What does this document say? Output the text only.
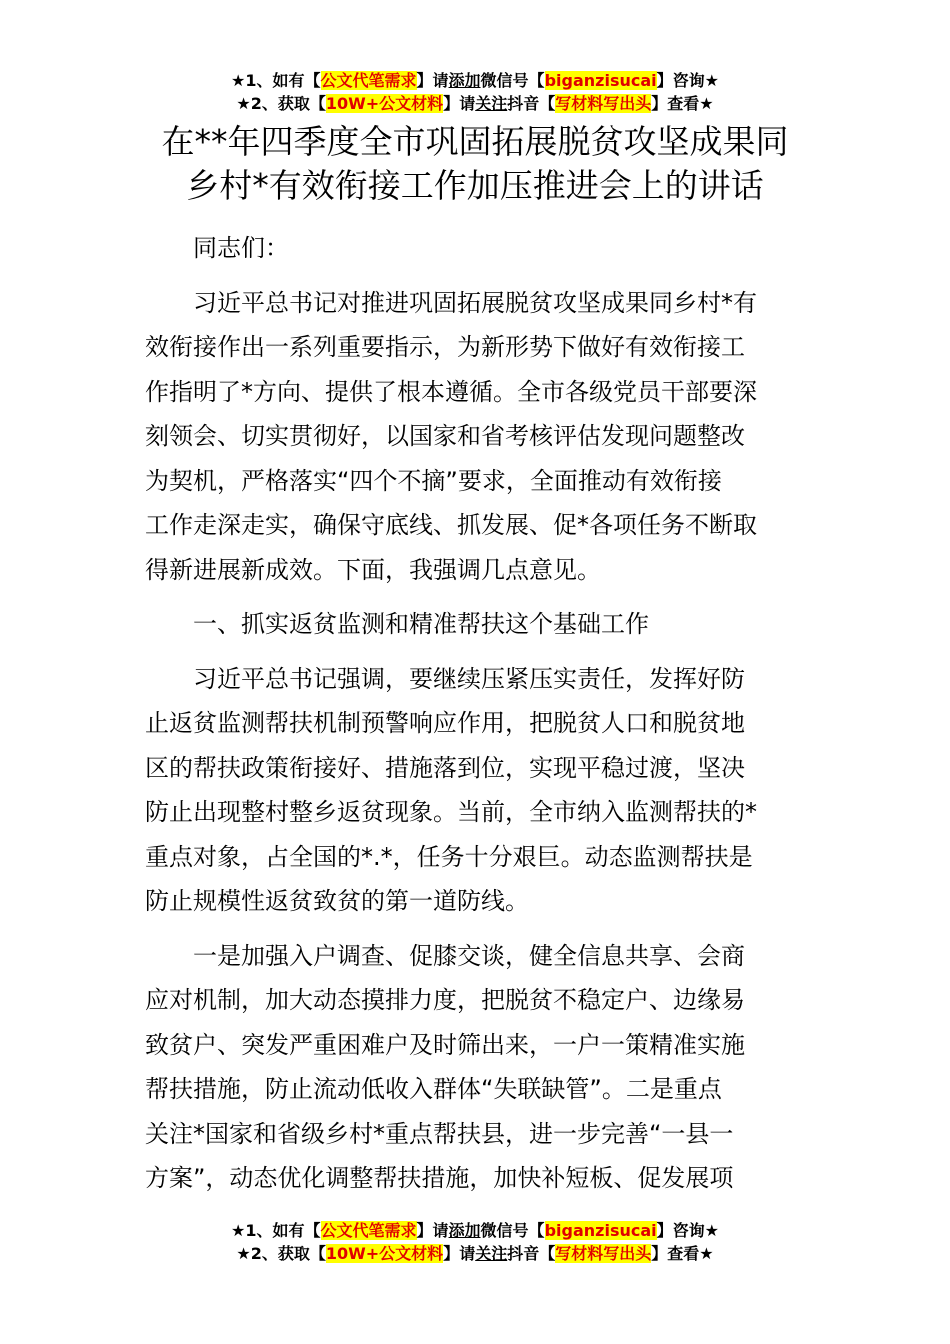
★1、如有【公文代笔需求】请添加微信号【biganzisucai】咨询★
★2、获取【10W+公文材料】请关注抖音【写材料写出头】查看★
在**年四季度全市巩固拓展脱贫攻坚成果同
乡村*有效衔接工作加压推进会上的讲话

同志们：

习近平总书记对推进巩固拓展脱贫攻坚成果同乡村*有
效衔接作出一系列重要指示，为新形势下做好有效衔接工
作指明了*方向、提供了根本遵循。全市各级党员干部要深
刻领会、切实贯彻好，以国家和省考核评估发现问题整改
为契机，严格落实“四个不摘”要求，全面推动有效衔接
工作走深走实，确保守底线、抓发展、促*各项任务不断取
得新进展新成效。下面，我强调几点意见。

一、抓实返贫监测和精准帮扶这个基础工作

习近平总书记强调，要继续压紧压实责任，发挥好防
止返贫监测帮扶机制预警响应作用，把脱贫人口和脱贫地
区的帮扶政策衔接好、措施落到位，实现平稳过渡，坚决
防止出现整村整乡返贫现象。当前，全市纳入监测帮扶的*
重点对象，占全国的*.*，任务十分艰巨。动态监测帮扶是
防止规模性返贫致贫的第一道防线。

一是加强入户调查、促膝交谈，健全信息共享、会商
应对机制，加大动态摸排力度，把脱贫不稳定户、边缘易
致贫户、突发严重困难户及时筛出来，一户一策精准实施
帮扶措施，防止流动低收入群体“失联缺管”。二是重点
关注*国家和省级乡村*重点帮扶县，进一步完善“一县一
方案”，动态优化调整帮扶措施，加快补短板、促发展项

★1、如有【公文代笔需求】请添加微信号【biganzisucai】咨询★
★2、获取【10W+公文材料】请关注抖音【写材料写出头】查看★
